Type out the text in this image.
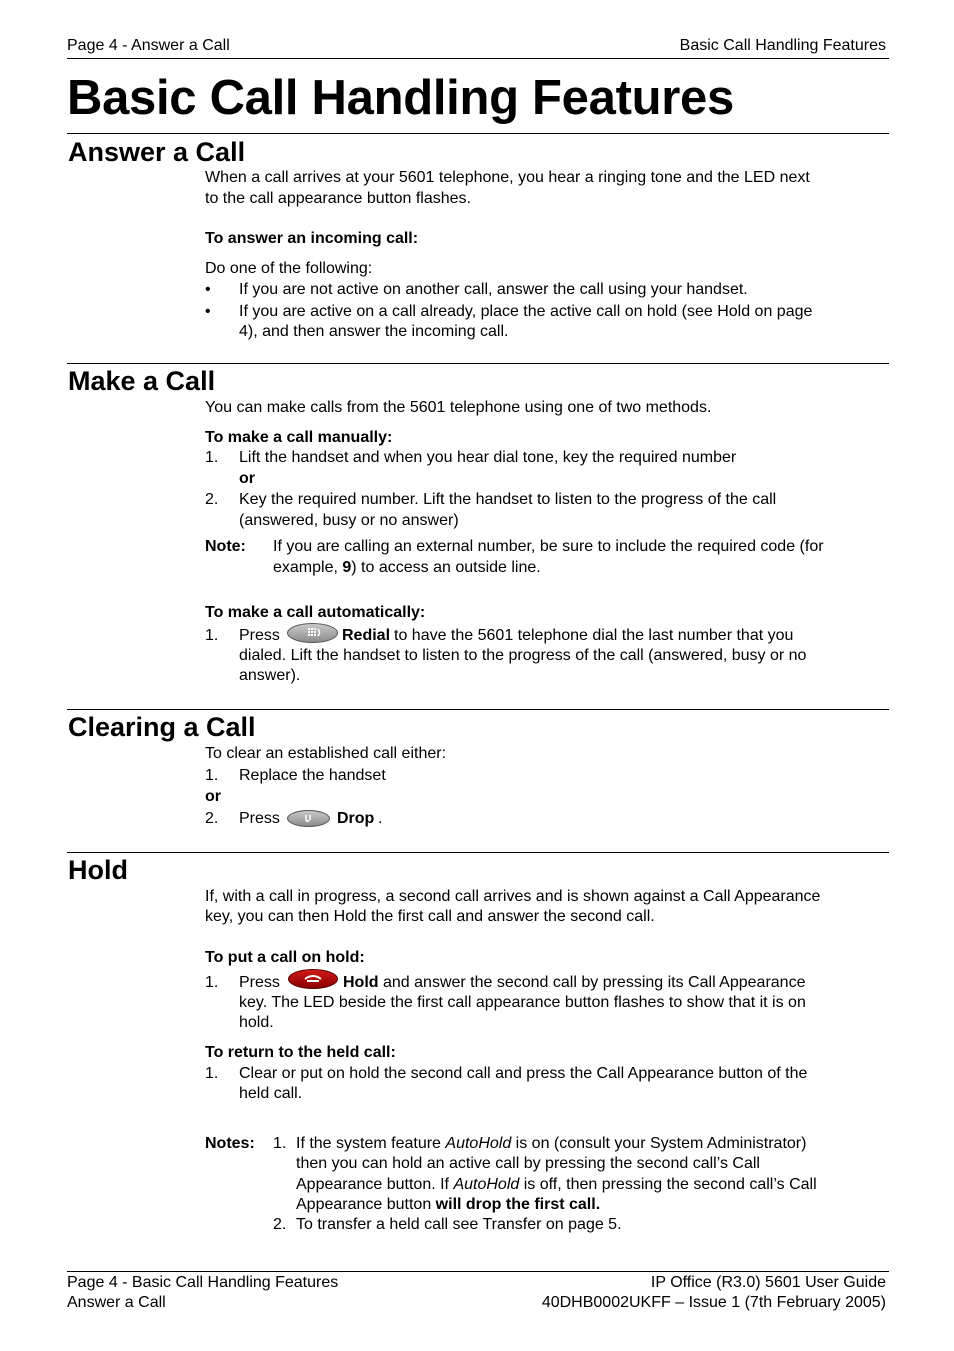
Page 4 - Answer a Call	Basic Call Handling Features
Basic Call Handling Features
Answer a Call
When a call arrives at your 5601 telephone, you hear a ringing tone and the LED next
to the call appearance button flashes.
To answer an incoming call:
Do one of the following:
• If you are not active on another call, answer the call using your handset.
• If you are active on a call already, place the active call on hold (see Hold on page
4), and then answer the incoming call.
Make a Call
You can make calls from the 5601 telephone using one of two methods.
To make a call manually:
1. Lift the handset and when you hear dial tone, key the required number
or
2. Key the required number. Lift the handset to listen to the progress of the call
(answered, busy or no answer)
Note: If you are calling an external number, be sure to include the required code (for
example, 9) to access an outside line.
To make a call automatically:
1. Press	Redial to have the 5601 telephone dial the last number that you
dialed. Lift the handset to listen to the progress of the call (answered, busy or no
answer).
Clearing a Call
To clear an established call either:
1. Replace the handset
or
2. Press	Drop .
Hold
If, with a call in progress, a second call arrives and is shown against a Call Appearance
key, you can then Hold the first call and answer the second call.
To put a call on hold:
1. Press	Hold and answer the second call by pressing its Call Appearance
key. The LED beside the first call appearance button flashes to show that it is on
hold.
To return to the held call:
1. Clear or put on hold the second call and press the Call Appearance button of the
held call.
Notes: 1. If the system feature AutoHold is on (consult your System Administrator)
then you can hold an active call by pressing the second call’s Call
Appearance button. If AutoHold is off, then pressing the second call’s Call
Appearance button will drop the first call.
2. To transfer a held call see Transfer on page 5.
Page 4 - Basic Call Handling Features
Answer a Call
IP Office (R3.0) 5601 User Guide
40DHB0002UKFF – Issue 1 (7th February 2005)
